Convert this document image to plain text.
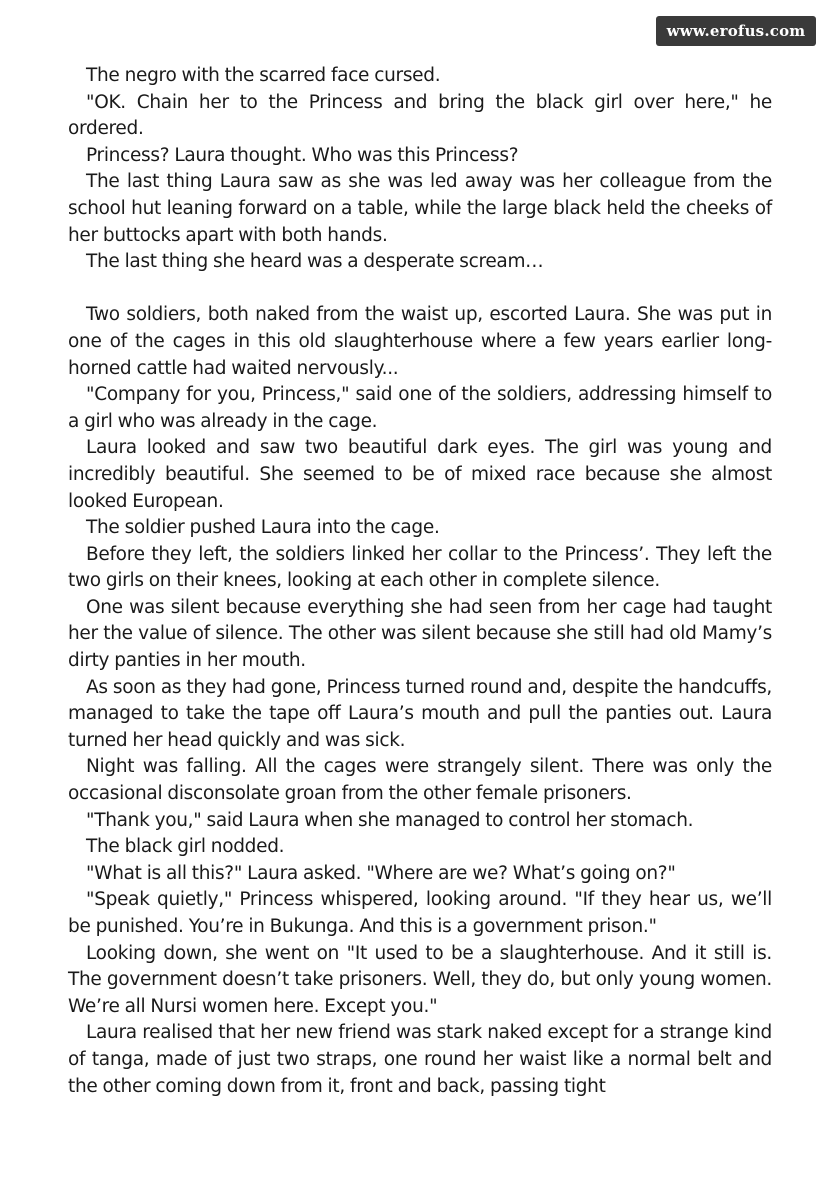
www.erofus.com

The negro with the scarred face cursed.

"OK. Chain her to the Princess and bring the black girl over here," he ordered.

Princess? Laura thought. Who was this Princess?

The last thing Laura saw as she was led away was her colleague from the school hut leaning forward on a table, while the large black held the cheeks of her buttocks apart with both hands.

The last thing she heard was a desperate scream…

Two soldiers, both naked from the waist up, escorted Laura. She was put in one of the cages in this old slaughterhouse where a few years earlier long-horned cattle had waited nervously...

"Company for you, Princess," said one of the soldiers, addressing himself to a girl who was already in the cage.

Laura looked and saw two beautiful dark eyes. The girl was young and incredibly beautiful. She seemed to be of mixed race because she almost looked European.

The soldier pushed Laura into the cage.

Before they left, the soldiers linked her collar to the Princess’. They left the two girls on their knees, looking at each other in complete silence.

One was silent because everything she had seen from her cage had taught her the value of silence. The other was silent because she still had old Mamy’s dirty panties in her mouth.

As soon as they had gone, Princess turned round and, despite the handcuffs, managed to take the tape off Laura’s mouth and pull the panties out. Laura turned her head quickly and was sick.

Night was falling. All the cages were strangely silent. There was only the occasional disconsolate groan from the other female prisoners.

"Thank you," said Laura when she managed to control her stomach.

The black girl nodded.

"What is all this?" Laura asked. "Where are we? What’s going on?"

"Speak quietly," Princess whispered, looking around. "If they hear us, we’ll be punished. You’re in Bukunga. And this is a government prison."

Looking down, she went on "It used to be a slaughterhouse. And it still is. The government doesn’t take prisoners. Well, they do, but only young women. We’re all Nursi women here. Except you."

Laura realised that her new friend was stark naked except for a strange kind of tanga, made of just two straps, one round her waist like a normal belt and the other coming down from it, front and back, passing tight
